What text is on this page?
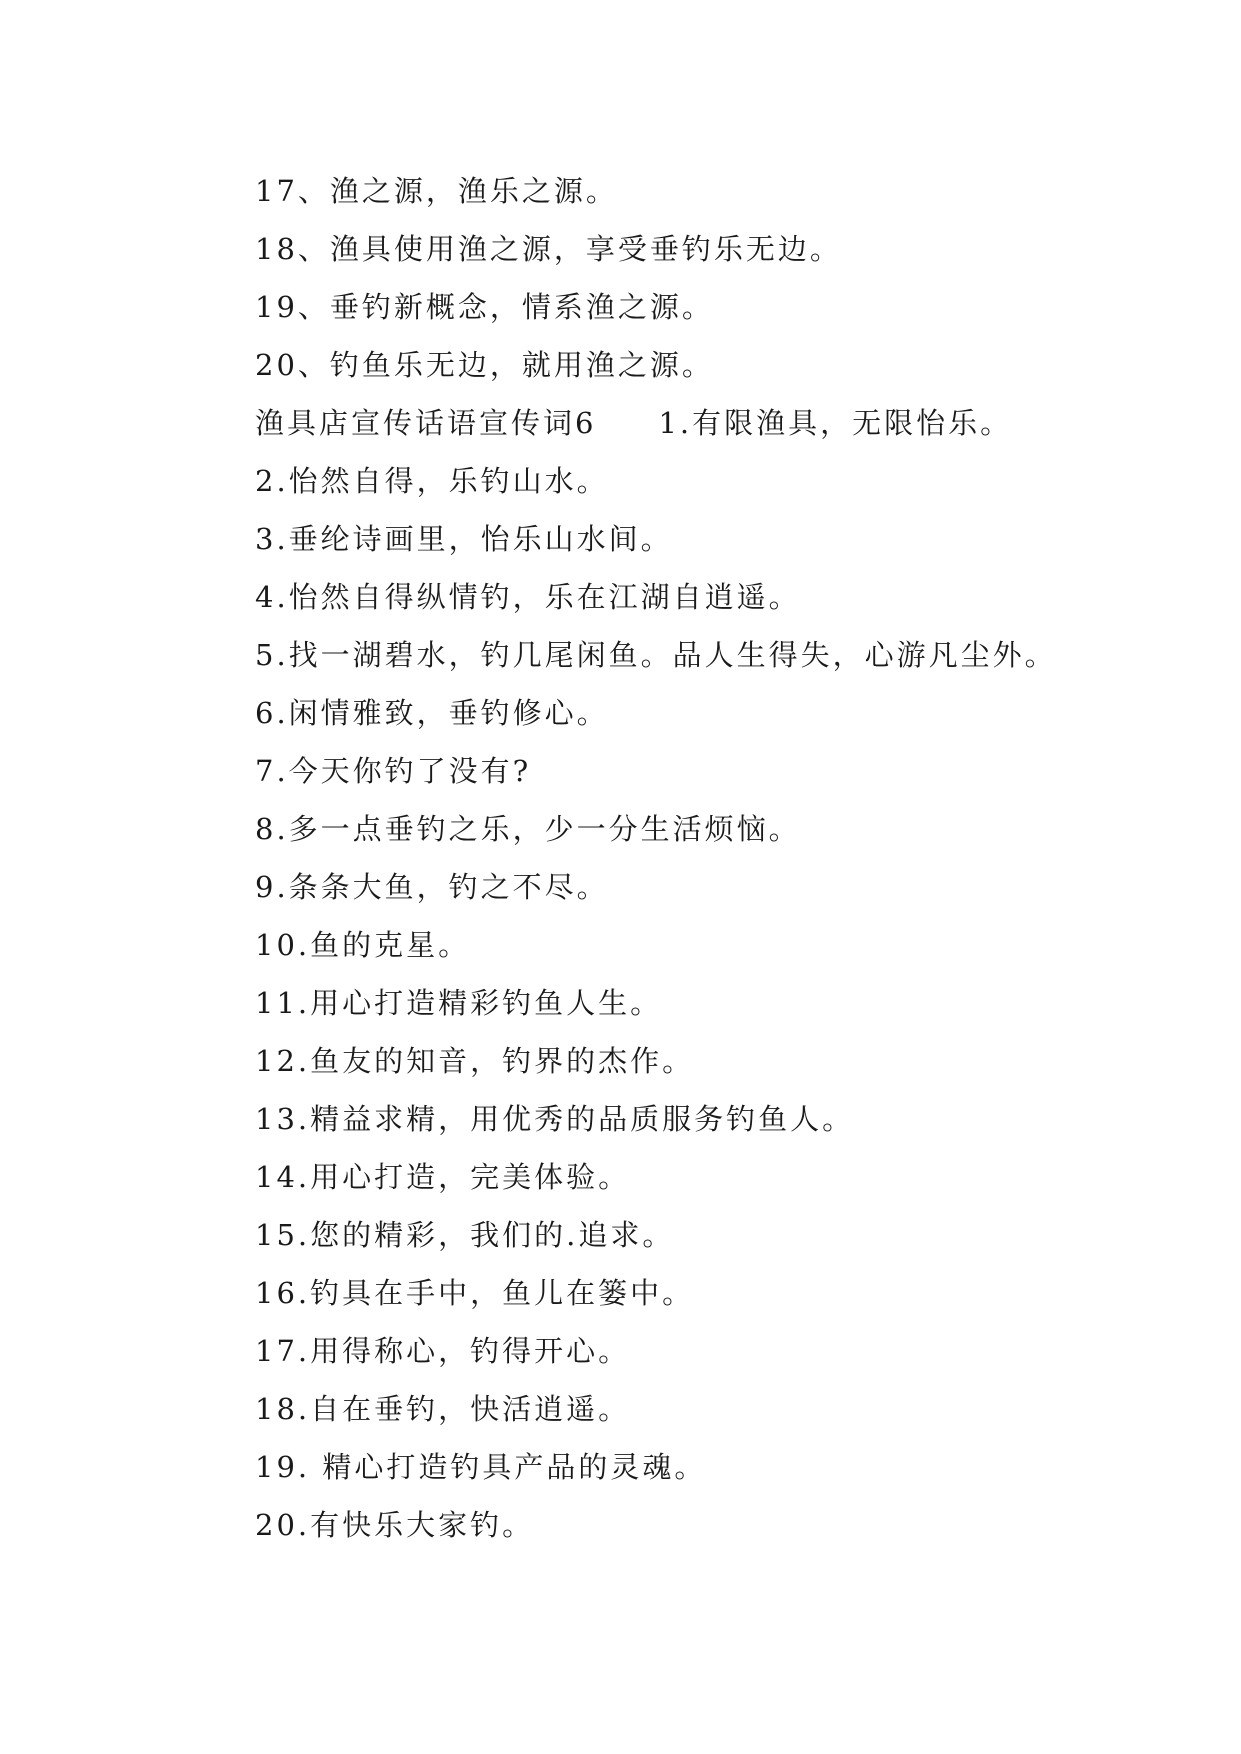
17、渔之源，渔乐之源。
18、渔具使用渔之源，享受垂钓乐无边。
19、垂钓新概念，情系渔之源。
20、钓鱼乐无边，就用渔之源。
渔具店宣传话语宣传词6 1.有限渔具，无限怡乐。
2.怡然自得，乐钓山水。
3.垂纶诗画里，怡乐山水间。
4.怡然自得纵情钓，乐在江湖自逍遥。
5.找一湖碧水，钓几尾闲鱼。品人生得失，心游凡尘外。
6.闲情雅致，垂钓修心。
7.今天你钓了没有?
8.多一点垂钓之乐，少一分生活烦恼。
9.条条大鱼，钓之不尽。
10.鱼的克星。
11.用心打造精彩钓鱼人生。
12.鱼友的知音，钓界的杰作。
13.精益求精，用优秀的品质服务钓鱼人。
14.用心打造，完美体验。
15.您的精彩，我们的.追求。
16.钓具在手中，鱼儿在篓中。
17.用得称心，钓得开心。
18.自在垂钓，快活逍遥。
19. 精心打造钓具产品的灵魂。
20.有快乐大家钓。
